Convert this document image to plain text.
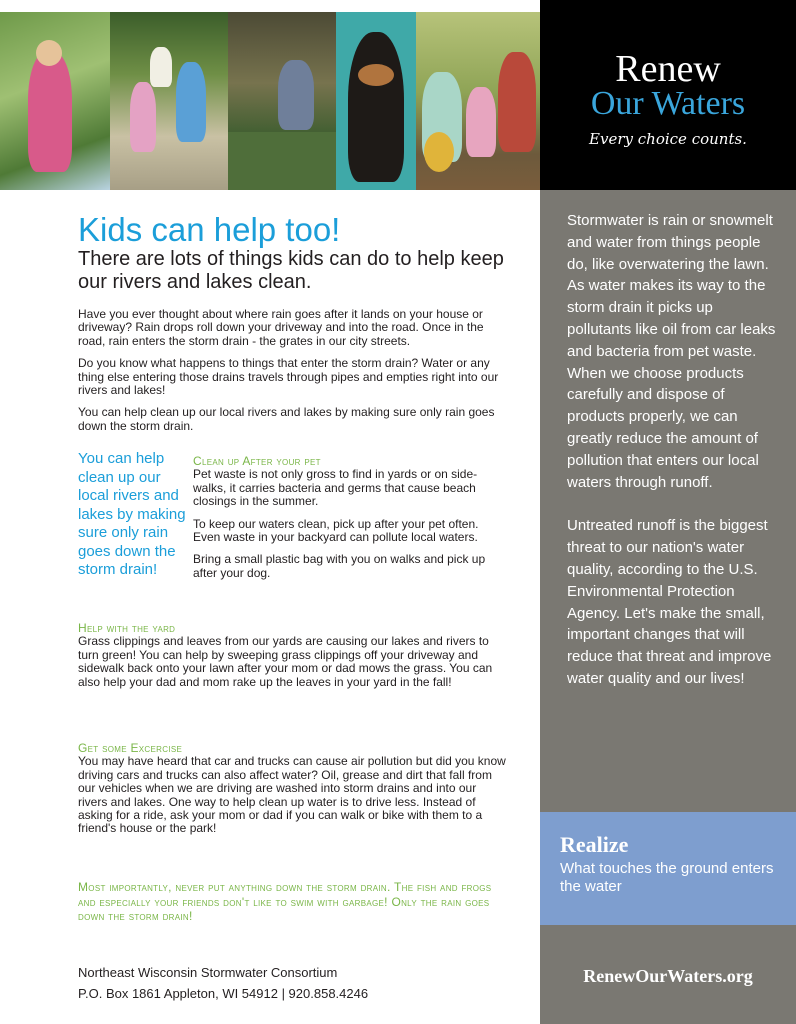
Renew
Our Waters
Every choice counts.

Stormwater is rain or snowmelt and water from things people do, like overwatering the lawn. As water makes its way to the storm drain it picks up pollutants like oil from car leaks and bacteria from pet waste. When we choose products carefully and dispose of products properly, we can greatly reduce the amount of pollution that enters our local waters through runoff.

Untreated runoff is the biggest threat to our nation's water quality, according to the U.S. Environmental Protection Agency. Let's make the small, important changes that will reduce that threat and improve water quality and our lives!

Realize
What touches the ground enters the water
RenewOurWaters.org
Kids can help too!
There are lots of things kids can do to help keep our rivers and lakes clean.

Have you ever thought about where rain goes after it lands on your house or driveway? Rain drops roll down your driveway and into the road. Once in the road, rain enters the storm drain - the grates in our city streets.

Do you know what happens to things that enter the storm drain? Water or any thing else entering those drains travels through pipes and empties right into our rivers and lakes!

You can help clean up our local rivers and lakes by making sure only rain goes down the storm drain.

You can help clean up our local rivers and lakes by making sure only rain goes down the storm drain!
Clean up After your pet

Pet waste is not only gross to find in yards or on side-walks, it carries bacteria and germs that cause beach closings in the summer.

To keep our waters clean, pick up after your pet often. Even waste in your backyard can pollute local waters.

Bring a small plastic bag with you on walks and pick up after your dog.

Help with the yard
Grass clippings and leaves from our yards are causing our lakes and rivers to turn green! You can help by sweeping grass clippings off your driveway and sidewalk back onto your lawn after your mom or dad mows the grass. You can also help your dad and mom rake up the leaves in your yard in the fall!
Get some Excercise
You may have heard that car and trucks can cause air pollution but did you know driving cars and trucks can also affect water? Oil, grease and dirt that fall from our vehicles when we are driving are washed into storm drains and into our rivers and lakes. One way to help clean up water is to drive less. Instead of asking for a ride, ask your mom or dad if you can walk or bike with them to a friend's house or the park!
Most importantly, never put anything down the storm drain. The fish and frogs and especially your friends don't like to swim with garbage! Only the rain goes down the storm drain!
Northeast Wisconsin Stormwater Consortium
P.O. Box 1861 Appleton, WI 54912 | 920.858.4246
